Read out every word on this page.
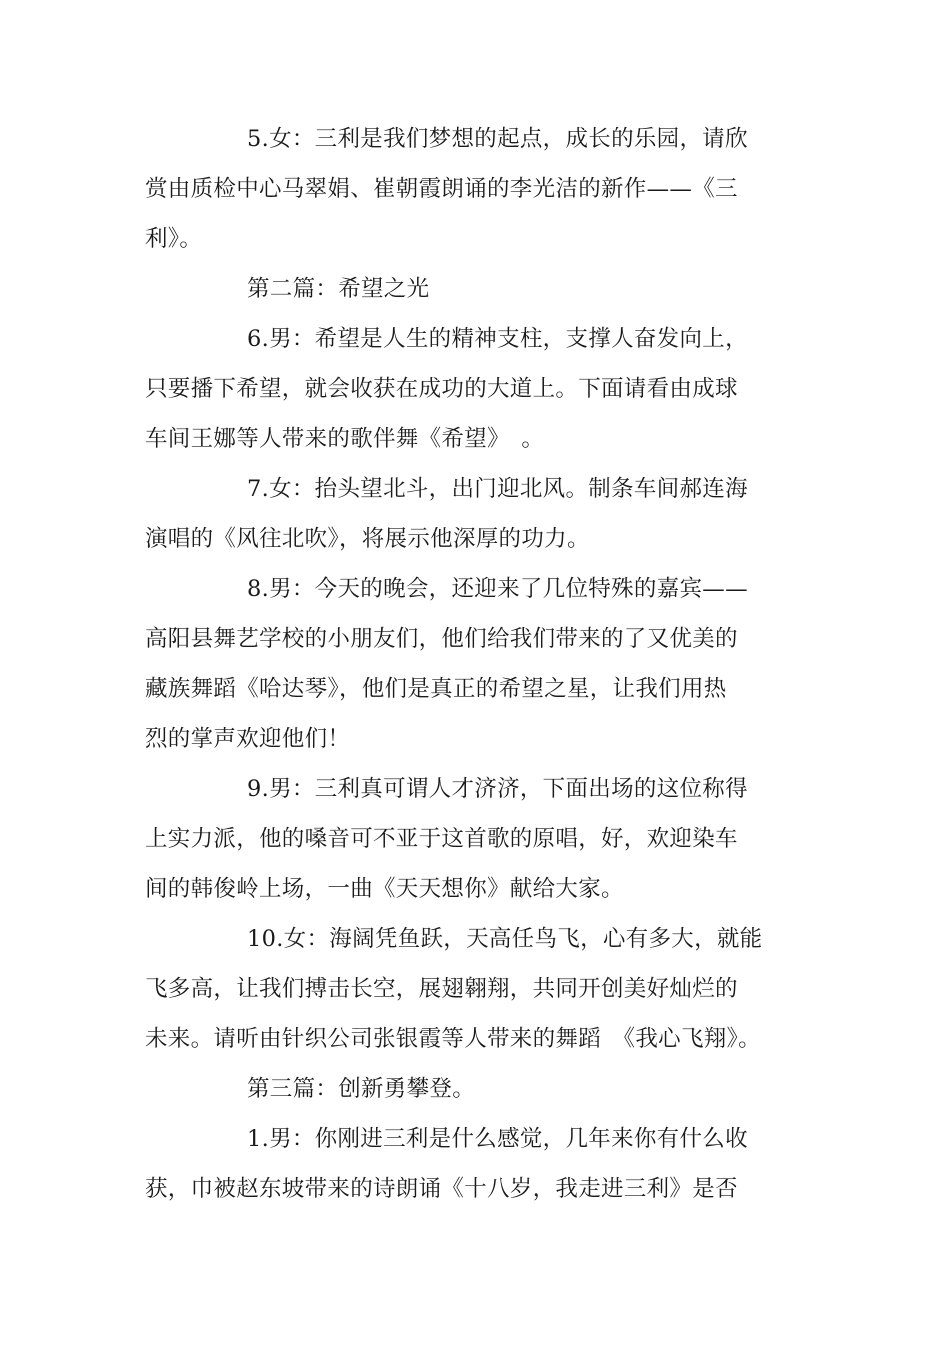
5.女：三利是我们梦想的起点，成长的乐园，请欣
赏由质检中心马翠娟、崔朝霞朗诵的李光洁的新作——《三
利》。
第二篇：希望之光
6.男：希望是人生的精神支柱，支撑人奋发向上，
只要播下希望，就会收获在成功的大道上。下面请看由成球
车间王娜等人带来的歌伴舞《希望》　。
7.女：抬头望北斗，出门迎北风。制条车间郝连海
演唱的《风往北吹》，将展示他深厚的功力。
8.男：今天的晚会，还迎来了几位特殊的嘉宾——
高阳县舞艺学校的小朋友们，他们给我们带来的了又优美的
藏族舞蹈《哈达琴》，他们是真正的希望之星，让我们用热
烈的掌声欢迎他们！
9.男：三利真可谓人才济济，下面出场的这位称得
上实力派，他的嗓音可不亚于这首歌的原唱，好，欢迎染车
间的韩俊岭上场，一曲《天天想你》献给大家。
10.女：海阔凭鱼跃，天高任鸟飞，心有多大，就能
飞多高，让我们搏击长空，展翅翱翔，共同开创美好灿烂的
未来。请听由针织公司张银霞等人带来的舞蹈　《我心飞翔》。
第三篇：创新勇攀登。
1.男：你刚进三利是什么感觉，几年来你有什么收
获，巾被赵东坡带来的诗朗诵《十八岁，我走进三利》是否
